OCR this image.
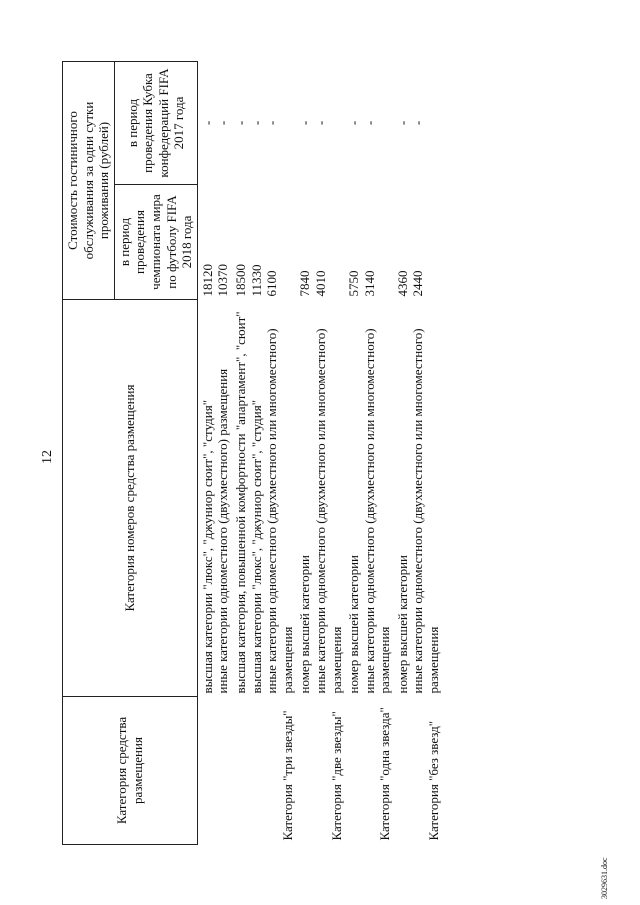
12
Категория средства размещения	Категория номеров средства размещения	Стоимость гостиничного обслуживания за одни сутки проживания (рублей)	
		в период проведения чемпионата мира по футболу FIFA 2018 года	в период проведения Кубка конфедераций FIFA 2017 года
	высшая категории "люкс", "джуниор сюит", "студия"	18120	-
	иные категории одноместного (двухместного) размещения	10370	-
Категория "три звезды"	высшая категория, повышенной комфортности "апартамент", "сюит"	18500	-
	высшая категории "люкс", "джуниор сюит", "студия"	11330	-
	иные категории одноместного (двухместного или многоместного) размещения	6100	-
Категория "две звезды"	номер высшей категории	7840	-
	иные категории одноместного (двухместного или многоместного) размещения	4010	-
Категория "одна звезда"	номер высшей категории	5750	-
	иные категории одноместного (двухместного или многоместного) размещения	3140	-
Категория "без звезд"	номер высшей категории	4360	-
	иные категории одноместного (двухместного или многоместного) размещения	2440	-
3029631.doc
